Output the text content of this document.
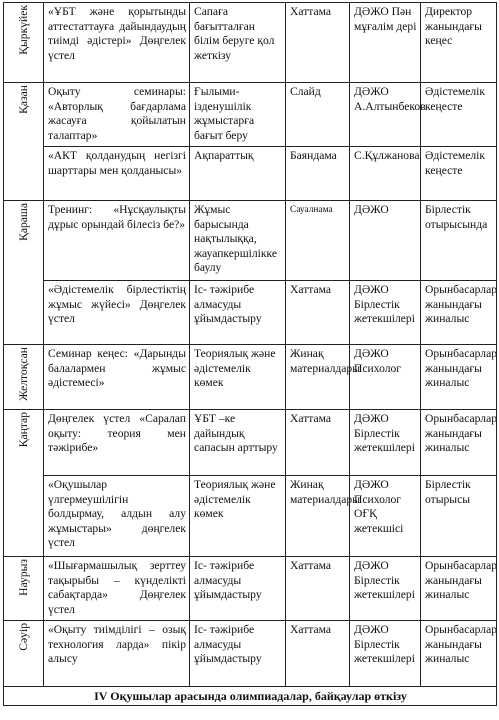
Қыркүйек	«ҰБТ және қорытынды аттестаттауға дайындаудың тиімді әдістері» Дөңгелек үстел	Сапаға бағытталған білім беруге қол жеткізу	Хаттама	ДӘЖО Пән мұғалім дері	Директор жанындағы кеңес
Қазан	Оқыту семинары: «Авторлық бағдарлама жасауға қойылатын талаптар»	Ғылыми-ізденушілік жұмыстарға бағыт беру	Слайд	ДӘЖО А.Алтынбеков	Әдістемелік кеңесте
	«АКТ қолданудың негізгі шарттары мен қолданысы»	Ақпараттық	Баяндама	С.Құлжанова	Әдістемелік кеңесте
Қараша	Тренинг: «Нұсқаулықты дұрыс орындай білесіз бе?»	Жұмыс барысында нақтылыққа, жауапкершілікке баулу	Сауалнама	ДӘЖО	Бірлестік отырысында
	«Әдістемелік бірлестіктің жұмыс жүйесі» Дөңгелек үстел	Іс- тәжірибе алмасуды ұйымдастыру	Хаттама	ДӘЖО Бірлестік жетекшілері	Орынбасарлар жанындағы жиналыс
Желтоқсан	Семинар кеңес: «Дарынды балалармен жұмыс әдістемесі»	Теориялық және әдістемелік көмек	Жинақ материалдары	ДӘЖО Психолог	Орынбасарлар жанындағы жиналыс
Қаңтар	Дөңгелек үстел «Саралап оқыту: теория мен тәжірибе»	ҰБТ –ке дайындық сапасын арттыру	Хаттама	ДӘЖО Бірлестік жетекшілері	Орынбасарлар жанындағы жиналыс
	«Оқушылар үлгермеушілігін болдырмау, алдын алу жұмыстары» дөңгелек үстел	Теориялық және әдістемелік көмек	Жинақ материалдары	ДӘЖО Психолог ОҒҚ жетекшісі	Бірлестік отырысы
Наурыз	«Шығармашылық зерттеу тақырыбы – күнделікті сабақтарда» Дөңгелек үстел	Іс- тәжірибе алмасуды ұйымдастыру	Хаттама	ДӘЖО Бірлестік жетекшілері	Орынбасарлар жанындағы жиналыс
Сәуір	«Оқыту тиімділігі – озық технология ларда» пікір алысу	Іс- тәжірибе алмасуды ұйымдастыру	Хаттама	ДӘЖО Бірлестік жетекшілері	Орынбасарлар жанындағы жиналыс
IV Оқушылар арасында олимпиадалар, байқаулар өткізу					
